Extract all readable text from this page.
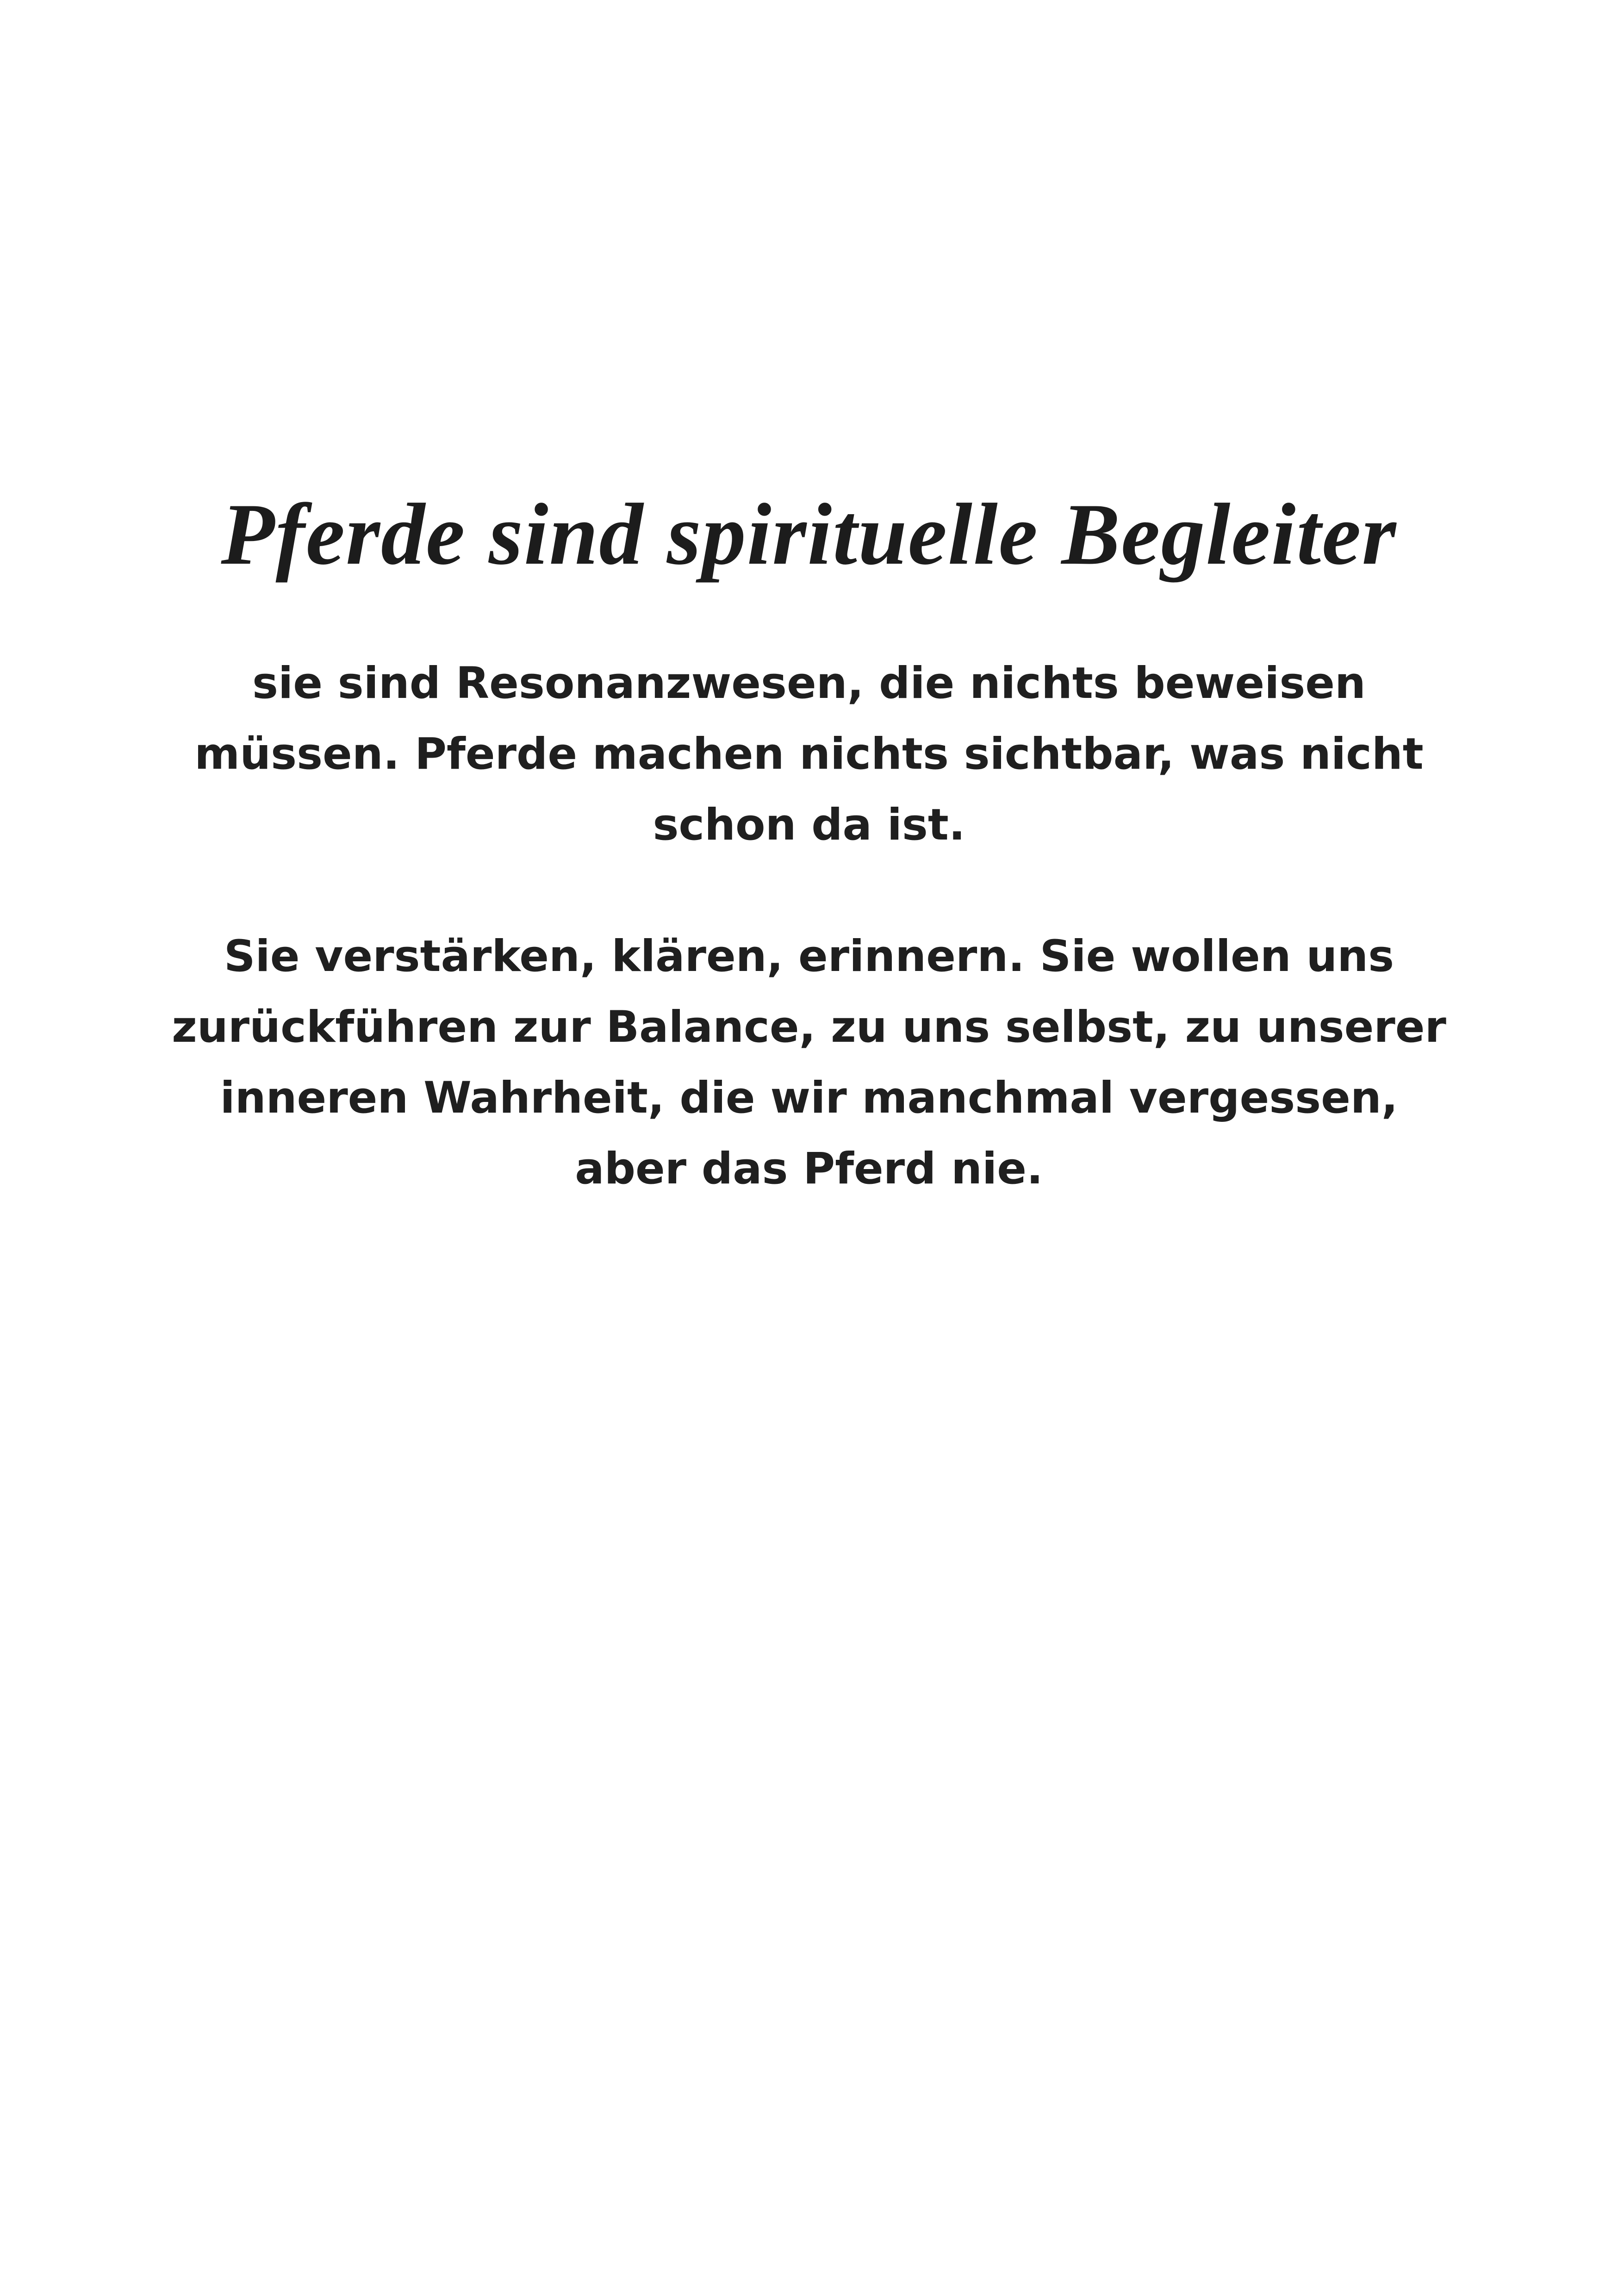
Pferde sind spirituelle Begleiter

sie sind Resonanzwesen, die nichts beweisen
müssen. Pferde machen nichts sichtbar, was nicht
schon da ist.

Sie verstärken, klären, erinnern. Sie wollen uns
zurückführen zur Balance, zu uns selbst, zu unserer
inneren Wahrheit, die wir manchmal vergessen,
aber das Pferd nie.
